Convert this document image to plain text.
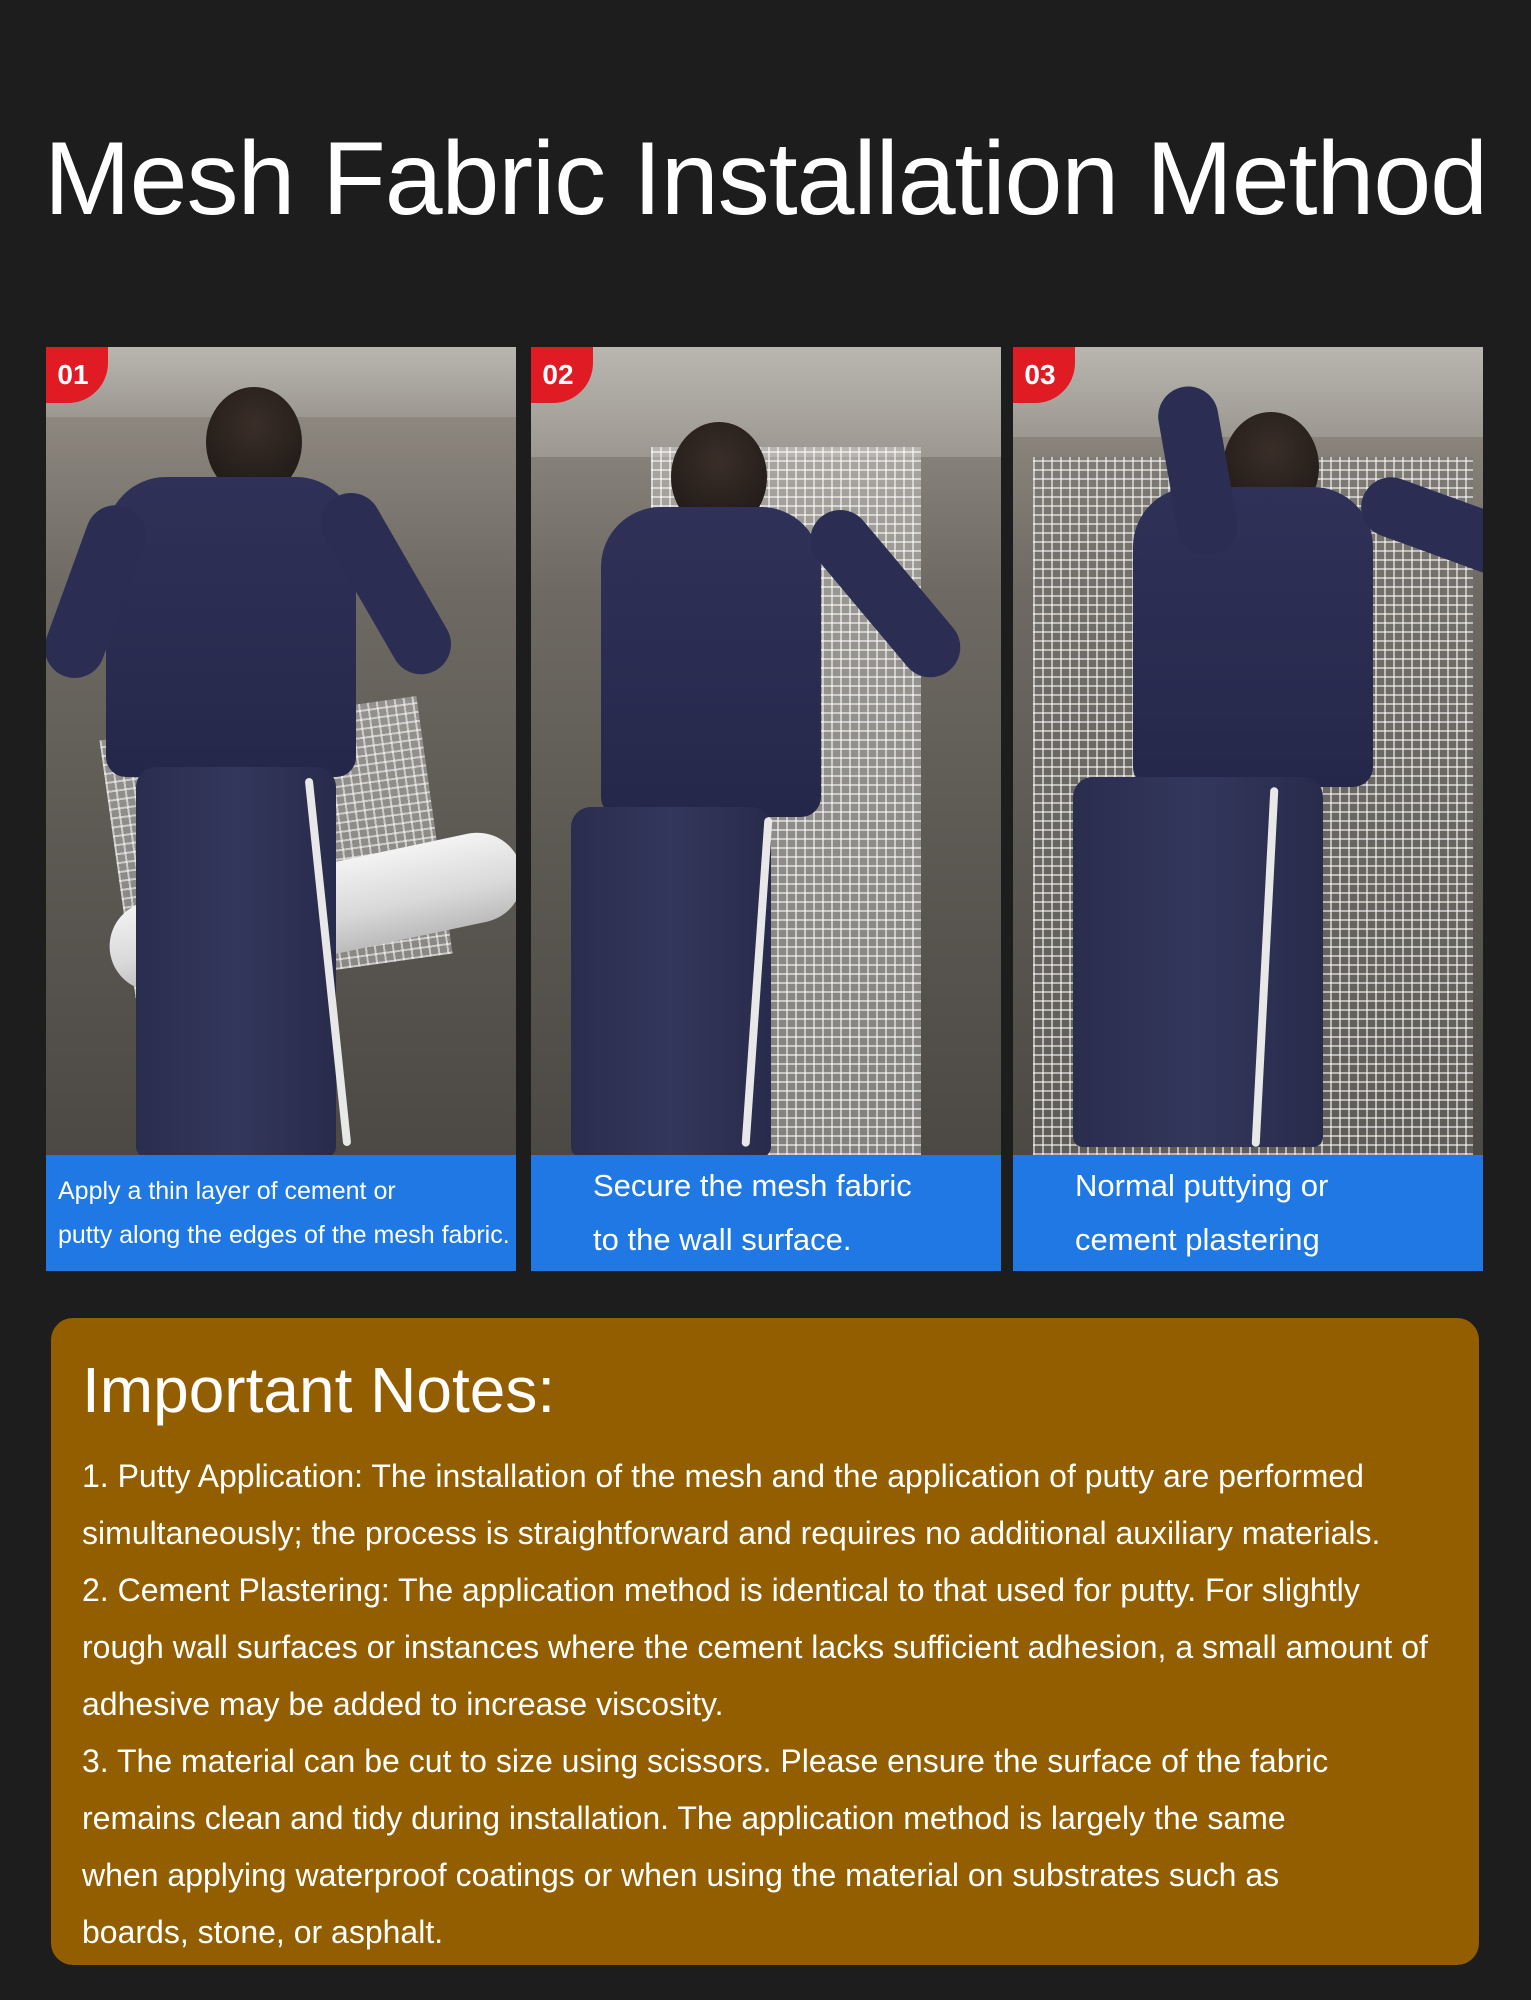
Mesh Fabric Installation Method
01
Apply a thin layer of cement or
putty along the edges of the mesh fabric.
02
Secure the mesh fabric
to the wall surface.
03
Normal puttying or
cement plastering
Important Notes:
1. Putty Application: The installation of the mesh and the application of putty are performed
simultaneously; the process is straightforward and requires no additional auxiliary materials.
2. Cement Plastering: The application method is identical to that used for putty. For slightly
rough wall surfaces or instances where the cement lacks sufficient adhesion, a small amount of
adhesive may be added to increase viscosity.
3. The material can be cut to size using scissors. Please ensure the surface of the fabric
remains clean and tidy during installation. The application method is largely the same
when applying waterproof coatings or when using the material on substrates such as
boards, stone, or asphalt.
